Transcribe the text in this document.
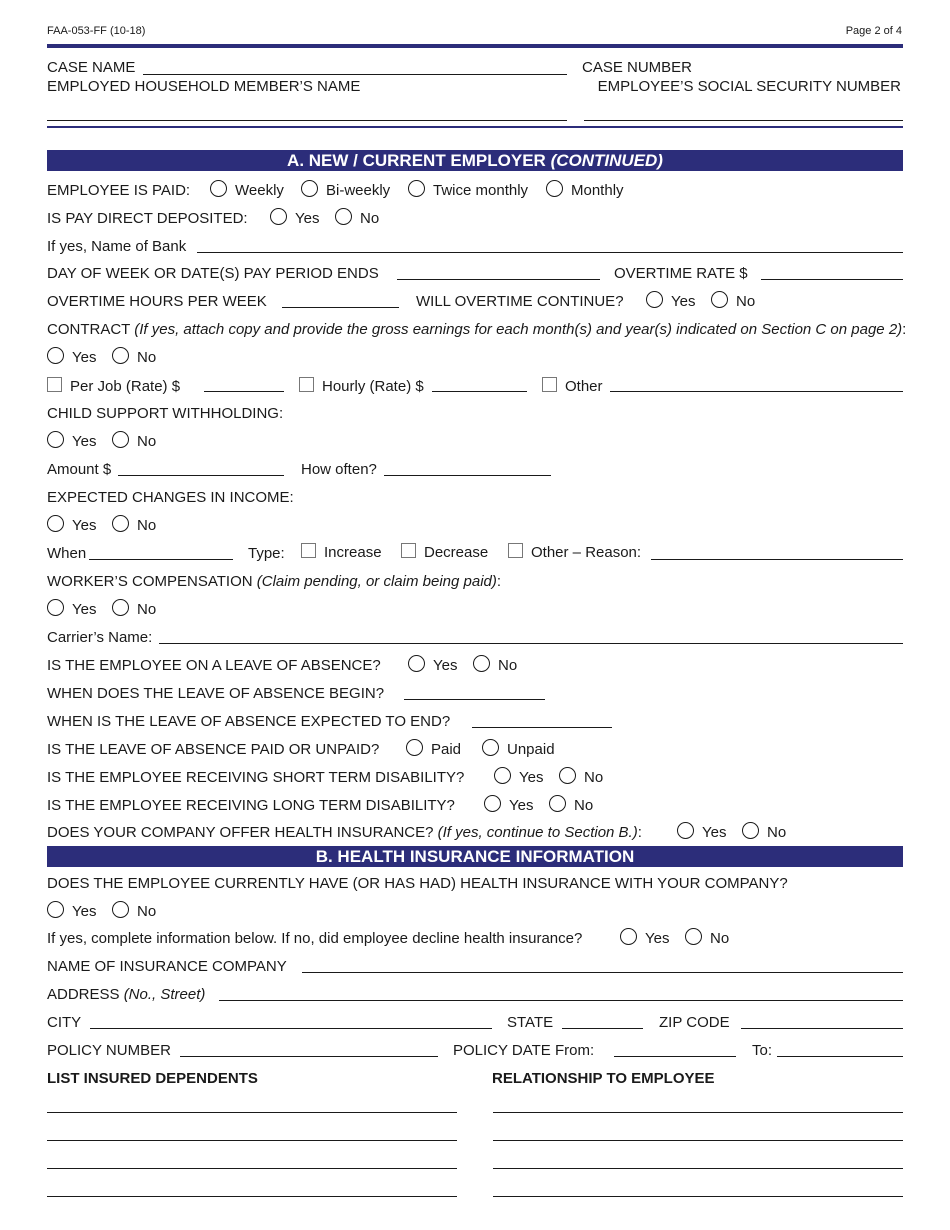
FAA-053-FF (10-18)	Page 2 of 4
CASE NAME	CASE NUMBER
EMPLOYED HOUSEHOLD MEMBER’S NAME	EMPLOYEE’S SOCIAL SECURITY NUMBER
A. NEW / CURRENT EMPLOYER (CONTINUED)
EMPLOYEE IS PAID:	Weekly	Bi-weekly	Twice monthly	Monthly
IS PAY DIRECT DEPOSITED:	Yes	No
If yes, Name of Bank
DAY OF WEEK OR DATE(S) PAY PERIOD ENDS	OVERTIME RATE $
OVERTIME HOURS PER WEEK	WILL OVERTIME CONTINUE?	Yes	No
CONTRACT (If yes, attach copy and provide the gross earnings for each month(s) and year(s) indicated on Section C on page 2):
Yes	No
Per Job (Rate) $	Hourly (Rate) $	Other
CHILD SUPPORT WITHHOLDING:
Yes	No
Amount $	How often?
EXPECTED CHANGES IN INCOME:
Yes	No
When	Type:	Increase	Decrease	Other – Reason:
WORKER’S COMPENSATION (Claim pending, or claim being paid):
Yes	No
Carrier’s Name:
IS THE EMPLOYEE ON A LEAVE OF ABSENCE?	Yes	No
WHEN DOES THE LEAVE OF ABSENCE BEGIN?
WHEN IS THE LEAVE OF ABSENCE EXPECTED TO END?
IS THE LEAVE OF ABSENCE PAID OR UNPAID?	Paid	Unpaid
IS THE EMPLOYEE RECEIVING SHORT TERM DISABILITY?	Yes	No
IS THE EMPLOYEE RECEIVING LONG TERM DISABILITY?	Yes	No
DOES YOUR COMPANY OFFER HEALTH INSURANCE? (If yes, continue to Section B.):	Yes	No
B. HEALTH INSURANCE INFORMATION
DOES THE EMPLOYEE CURRENTLY HAVE (OR HAS HAD) HEALTH INSURANCE WITH YOUR COMPANY?
Yes	No
If yes, complete information below. If no, did employee decline health insurance?	Yes	No
NAME OF INSURANCE COMPANY
ADDRESS (No., Street)
CITY	STATE	ZIP CODE
POLICY NUMBER	POLICY DATE From:	To:
LIST INSURED DEPENDENTS	RELATIONSHIP TO EMPLOYEE
